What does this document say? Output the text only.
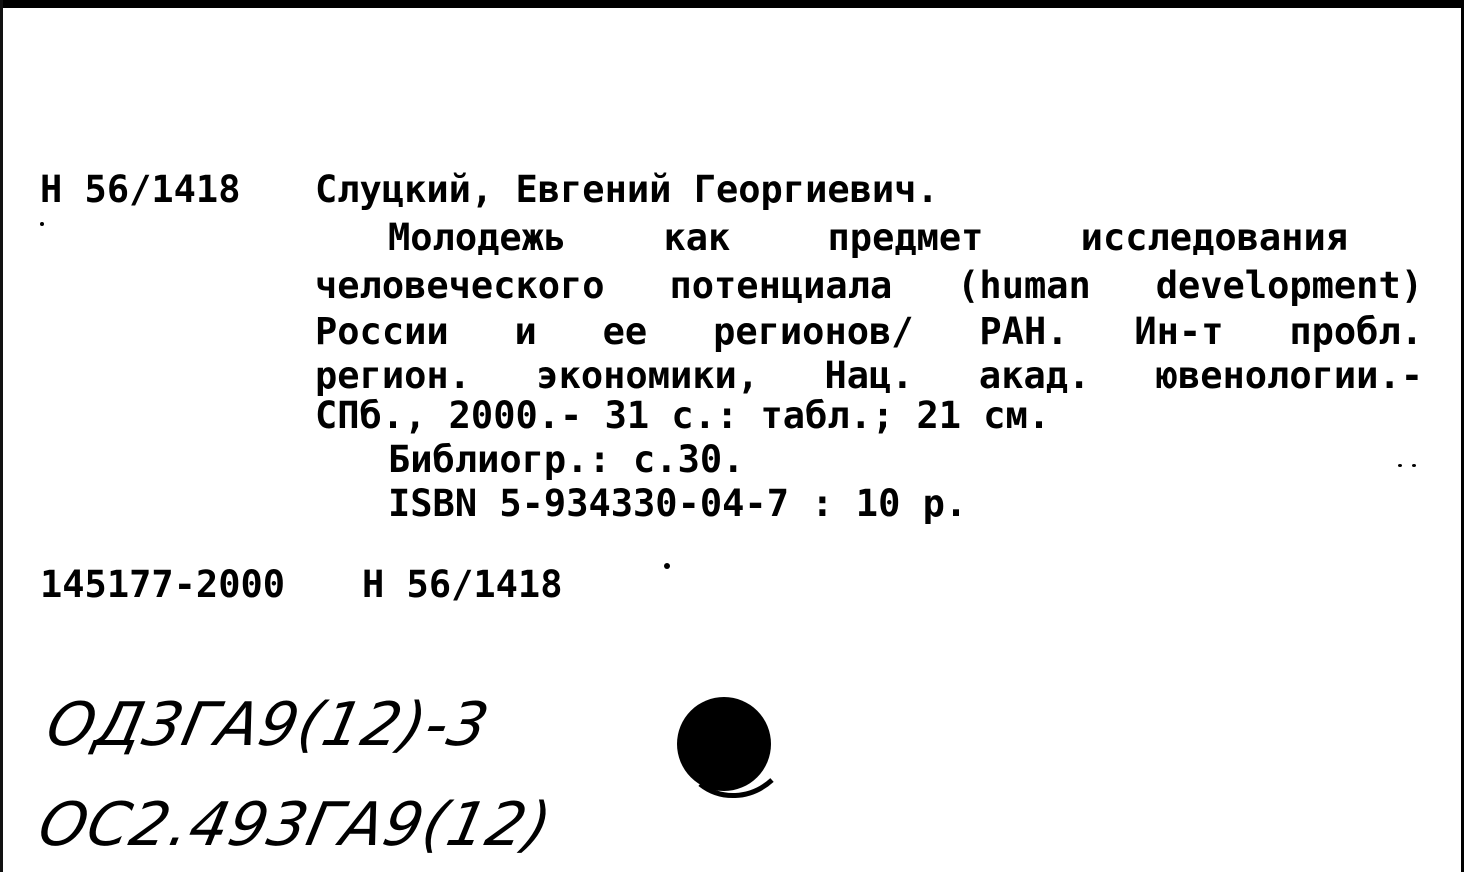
Н 56/1418 Слуцкий, Евгений Георгиевич.
Молодежь как предмет исследования
человеческого потенциала (human development)
России и ее регионов/ РАН. Ин-т пробл.
регион. экономики, Нац. акад. ювенологии.-
СПб., 2000.- 31 с.: табл.; 21 см.
Библиогр.: с.30.
ISBN 5-934330-04-7 : 10 р.
145177-2000 Н 56/1418
ОД3ГА9(12)-3
ОС2.493ГА9(12)
